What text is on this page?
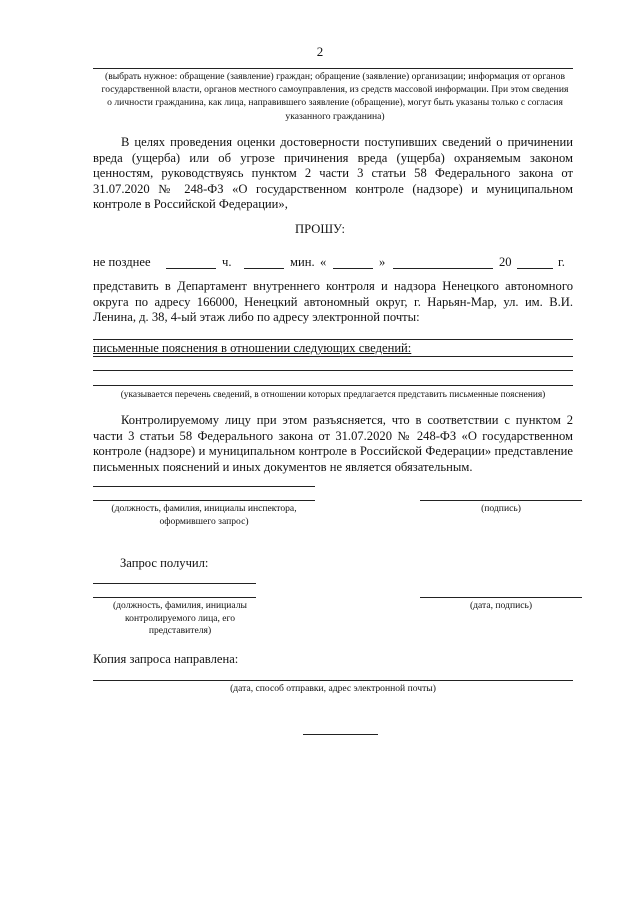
2
(выбрать нужное: обращение (заявление) граждан; обращение (заявление) организации; информация от органов государственной власти, органов местного самоуправления, из средств массовой информации. При этом сведения о личности гражданина, как лица, направившего заявление (обращение), могут быть указаны только с согласия указанного гражданина)
В целях проведения оценки достоверности поступивших сведений о причинении вреда (ущерба) или об угрозе причинения вреда (ущерба) охраняемым законом ценностям, руководствуясь пунктом 2 части 3 статьи 58 Федерального закона от 31.07.2020 № 248-ФЗ «О государственном контроле (надзоре) и муниципальном контроле в Российской Федерации»,
ПРОШУ:
не позднее	ч.	мин. «	»	20	г.
представить в Департамент внутреннего контроля и надзора Ненецкого автономного округа по адресу 166000, Ненецкий автономный округ, г. Нарьян-Мар, ул. им. В.И. Ленина, д. 38, 4-ый этаж либо по адресу электронной почты:
письменные пояснения в отношении следующих сведений:
(указывается перечень сведений, в отношении которых предлагается представить письменные пояснения)
Контролируемому лицу при этом разъясняется, что в соответствии с пунктом 2 части 3 статьи 58 Федерального закона от 31.07.2020 № 248-ФЗ «О государственном контроле (надзоре) и муниципальном контроле в Российской Федерации» представление письменных пояснений и иных документов не является обязательным.
(должность, фамилия, инициалы инспектора, оформившего запрос)
(подпись)
Запрос получил:
(должность, фамилия, инициалы контролируемого лица, его представителя)
(дата, подпись)
Копия запроса направлена:
(дата, способ отправки, адрес электронной почты)
